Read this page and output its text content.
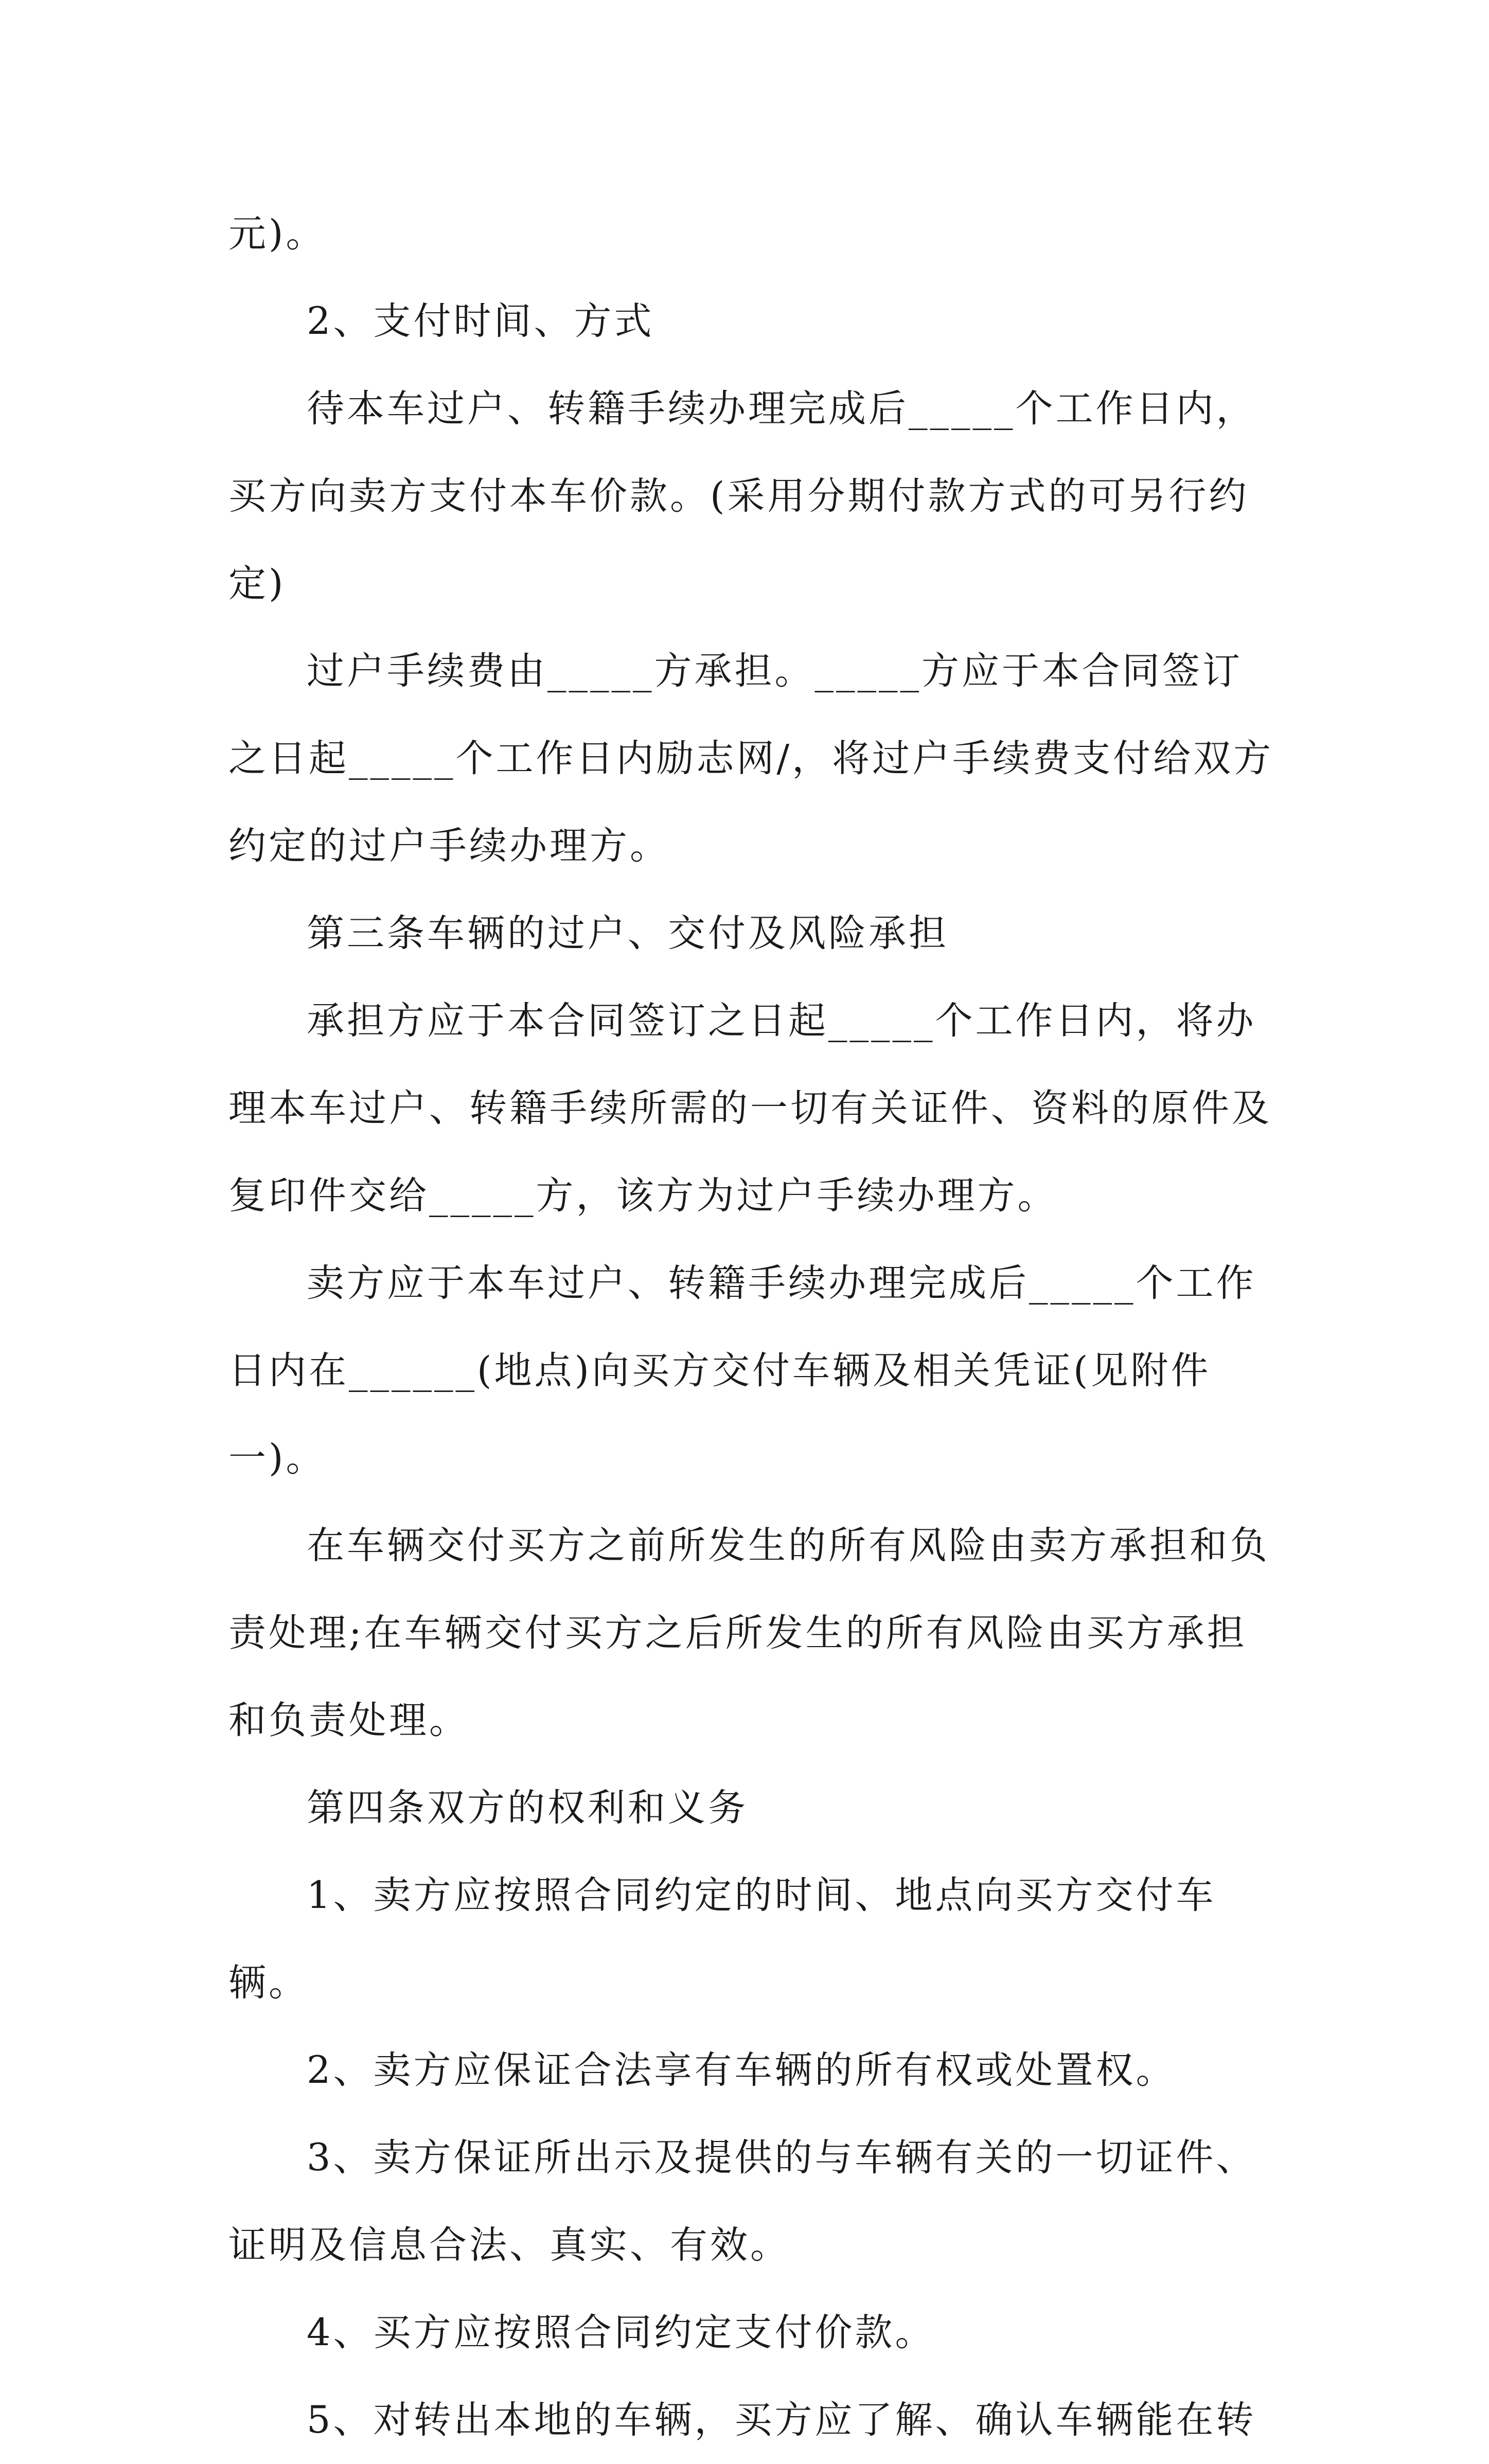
元)。

2、支付时间、方式

待本车过户、转籍手续办理完成后_____个工作日内，买方向卖方支付本车价款。(采用分期付款方式的可另行约定)

过户手续费由_____方承担。_____方应于本合同签订之日起_____个工作日内励志网/，将过户手续费支付给双方约定的过户手续办理方。

第三条车辆的过户、交付及风险承担

承担方应于本合同签订之日起_____个工作日内，将办理本车过户、转籍手续所需的一切有关证件、资料的原件及复印件交给_____方，该方为过户手续办理方。

卖方应于本车过户、转籍手续办理完成后_____个工作日内在______(地点)向买方交付车辆及相关凭证(见附件一)。

在车辆交付买方之前所发生的所有风险由卖方承担和负责处理;在车辆交付买方之后所发生的所有风险由买方承担和负责处理。

第四条双方的权利和义务

1、卖方应按照合同约定的时间、地点向买方交付车辆。

2、卖方应保证合法享有车辆的所有权或处置权。

3、卖方保证所出示及提供的与车辆有关的一切证件、证明及信息合法、真实、有效。

4、买方应按照合同约定支付价款。

5、对转出本地的车辆，买方应了解、确认车辆能在转
